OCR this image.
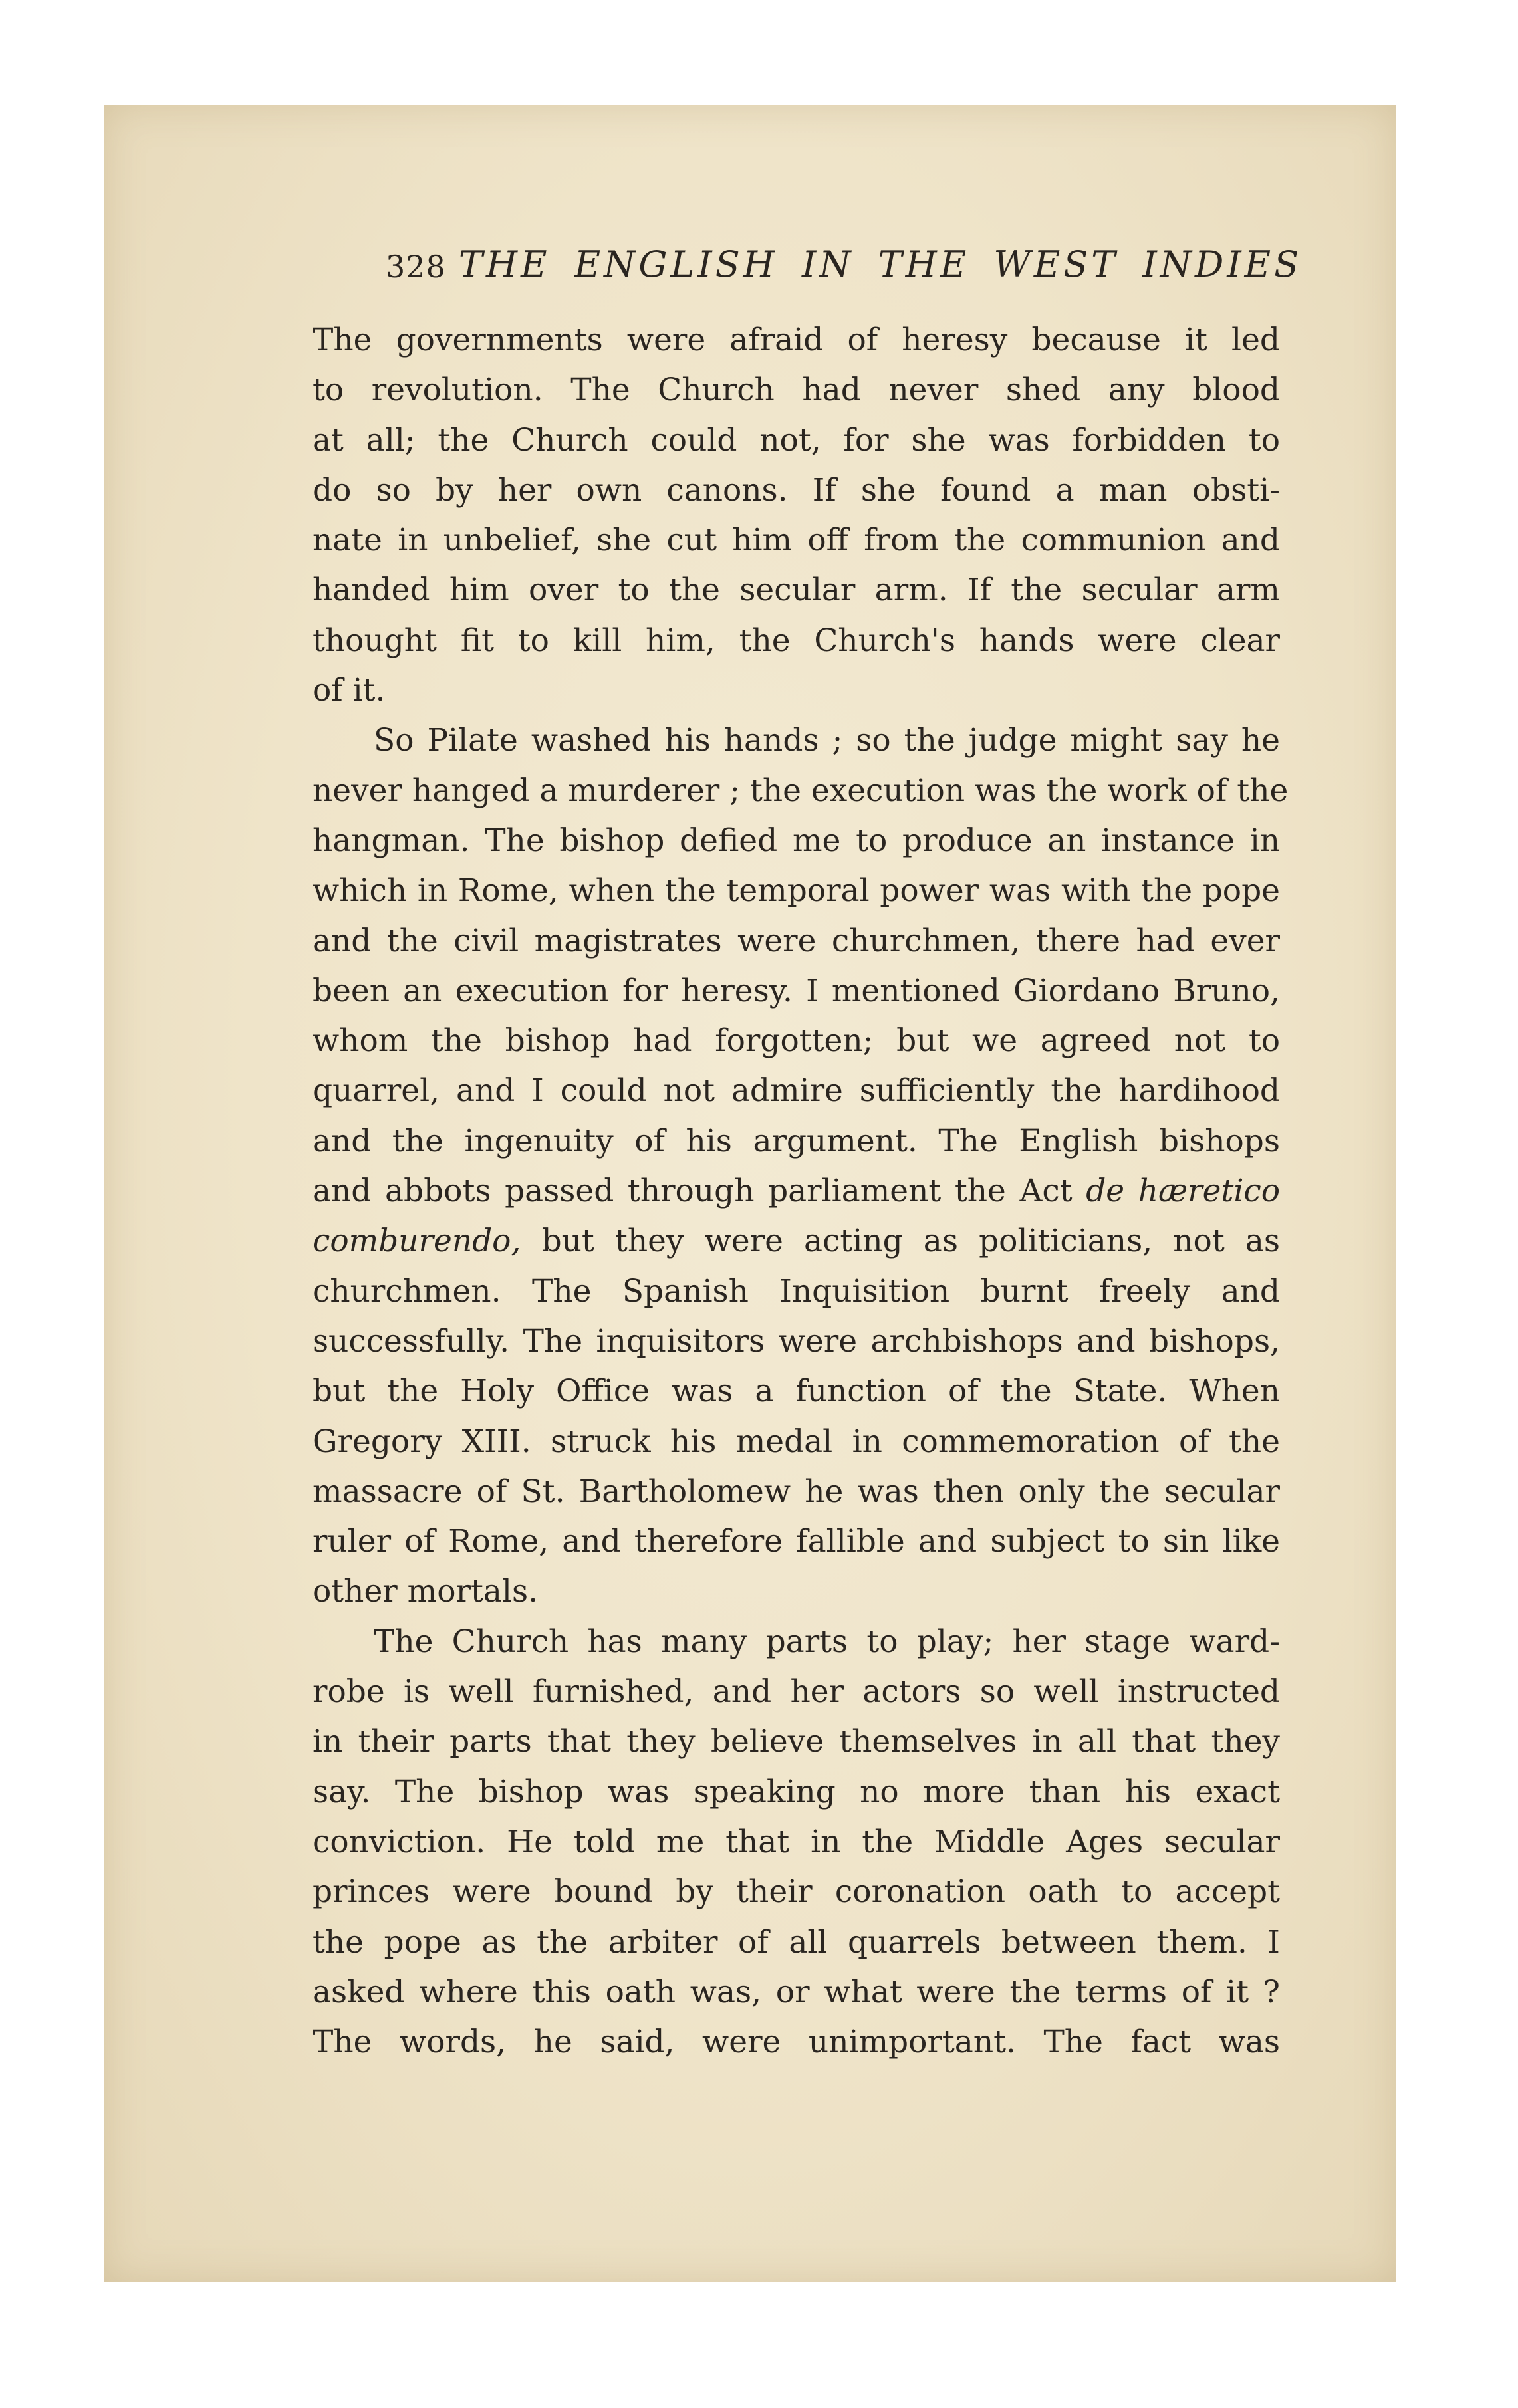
328 THE ENGLISH IN THE WEST INDIES
The governments were afraid of heresy because it led
to revolution. The Church had never shed any blood
at all; the Church could not, for she was forbidden to
do so by her own canons. If she found a man obsti-
nate in unbelief, she cut him off from the communion and
handed him over to the secular arm. If the secular arm
thought fit to kill him, the Church's hands were clear
of it.
So Pilate washed his hands ; so the judge might say he
never hanged a murderer ; the execution was the work of the
hangman. The bishop defied me to produce an instance in
which in Rome, when the temporal power was with the pope
and the civil magistrates were churchmen, there had ever
been an execution for heresy. I mentioned Giordano Bruno,
whom the bishop had forgotten; but we agreed not to
quarrel, and I could not admire sufficiently the hardihood
and the ingenuity of his argument. The English bishops
and abbots passed through parliament the Act de hæretico
comburendo, but they were acting as politicians, not as
churchmen. The Spanish Inquisition burnt freely and
successfully. The inquisitors were archbishops and bishops,
but the Holy Office was a function of the State. When
Gregory XIII. struck his medal in commemoration of the
massacre of St. Bartholomew he was then only the secular
ruler of Rome, and therefore fallible and subject to sin like
other mortals.
The Church has many parts to play; her stage ward-
robe is well furnished, and her actors so well instructed
in their parts that they believe themselves in all that they
say. The bishop was speaking no more than his exact
conviction. He told me that in the Middle Ages secular
princes were bound by their coronation oath to accept
the pope as the arbiter of all quarrels between them. I
asked where this oath was, or what were the terms of it ?
The words, he said, were unimportant. The fact was
